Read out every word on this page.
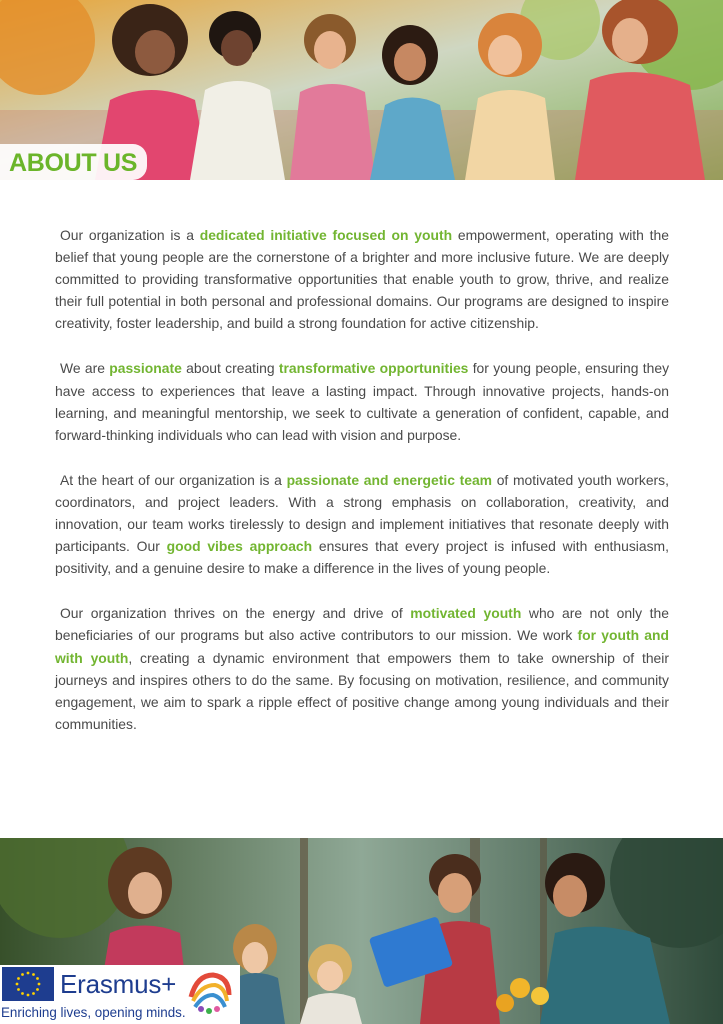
ABOUT US

Our organization is a dedicated initiative focused on youth empowerment, operating with the belief that young people are the cornerstone of a brighter and more inclusive future. We are deeply committed to providing transformative opportunities that enable youth to grow, thrive, and realize their full potential in both personal and professional domains. Our programs are designed to inspire creativity, foster leadership, and build a strong foundation for active citizenship.

We are passionate about creating transformative opportunities for young people, ensuring they have access to experiences that leave a lasting impact. Through innovative projects, hands-on learning, and meaningful mentorship, we seek to cultivate a generation of confident, capable, and forward-thinking individuals who can lead with vision and purpose.

At the heart of our organization is a passionate and energetic team of motivated youth workers, coordinators, and project leaders. With a strong emphasis on collaboration, creativity, and innovation, our team works tirelessly to design and implement initiatives that resonate deeply with participants. Our good vibes approach ensures that every project is infused with enthusiasm, positivity, and a genuine desire to make a difference in the lives of young people.

Our organization thrives on the energy and drive of motivated youth who are not only the beneficiaries of our programs but also active contributors to our mission. We work for youth and with youth, creating a dynamic environment that empowers them to take ownership of their journeys and inspires others to do the same. By focusing on motivation, resilience, and community engagement, we aim to spark a ripple effect of positive change among young individuals and their communities.

Erasmus+
Enriching lives, opening minds.
